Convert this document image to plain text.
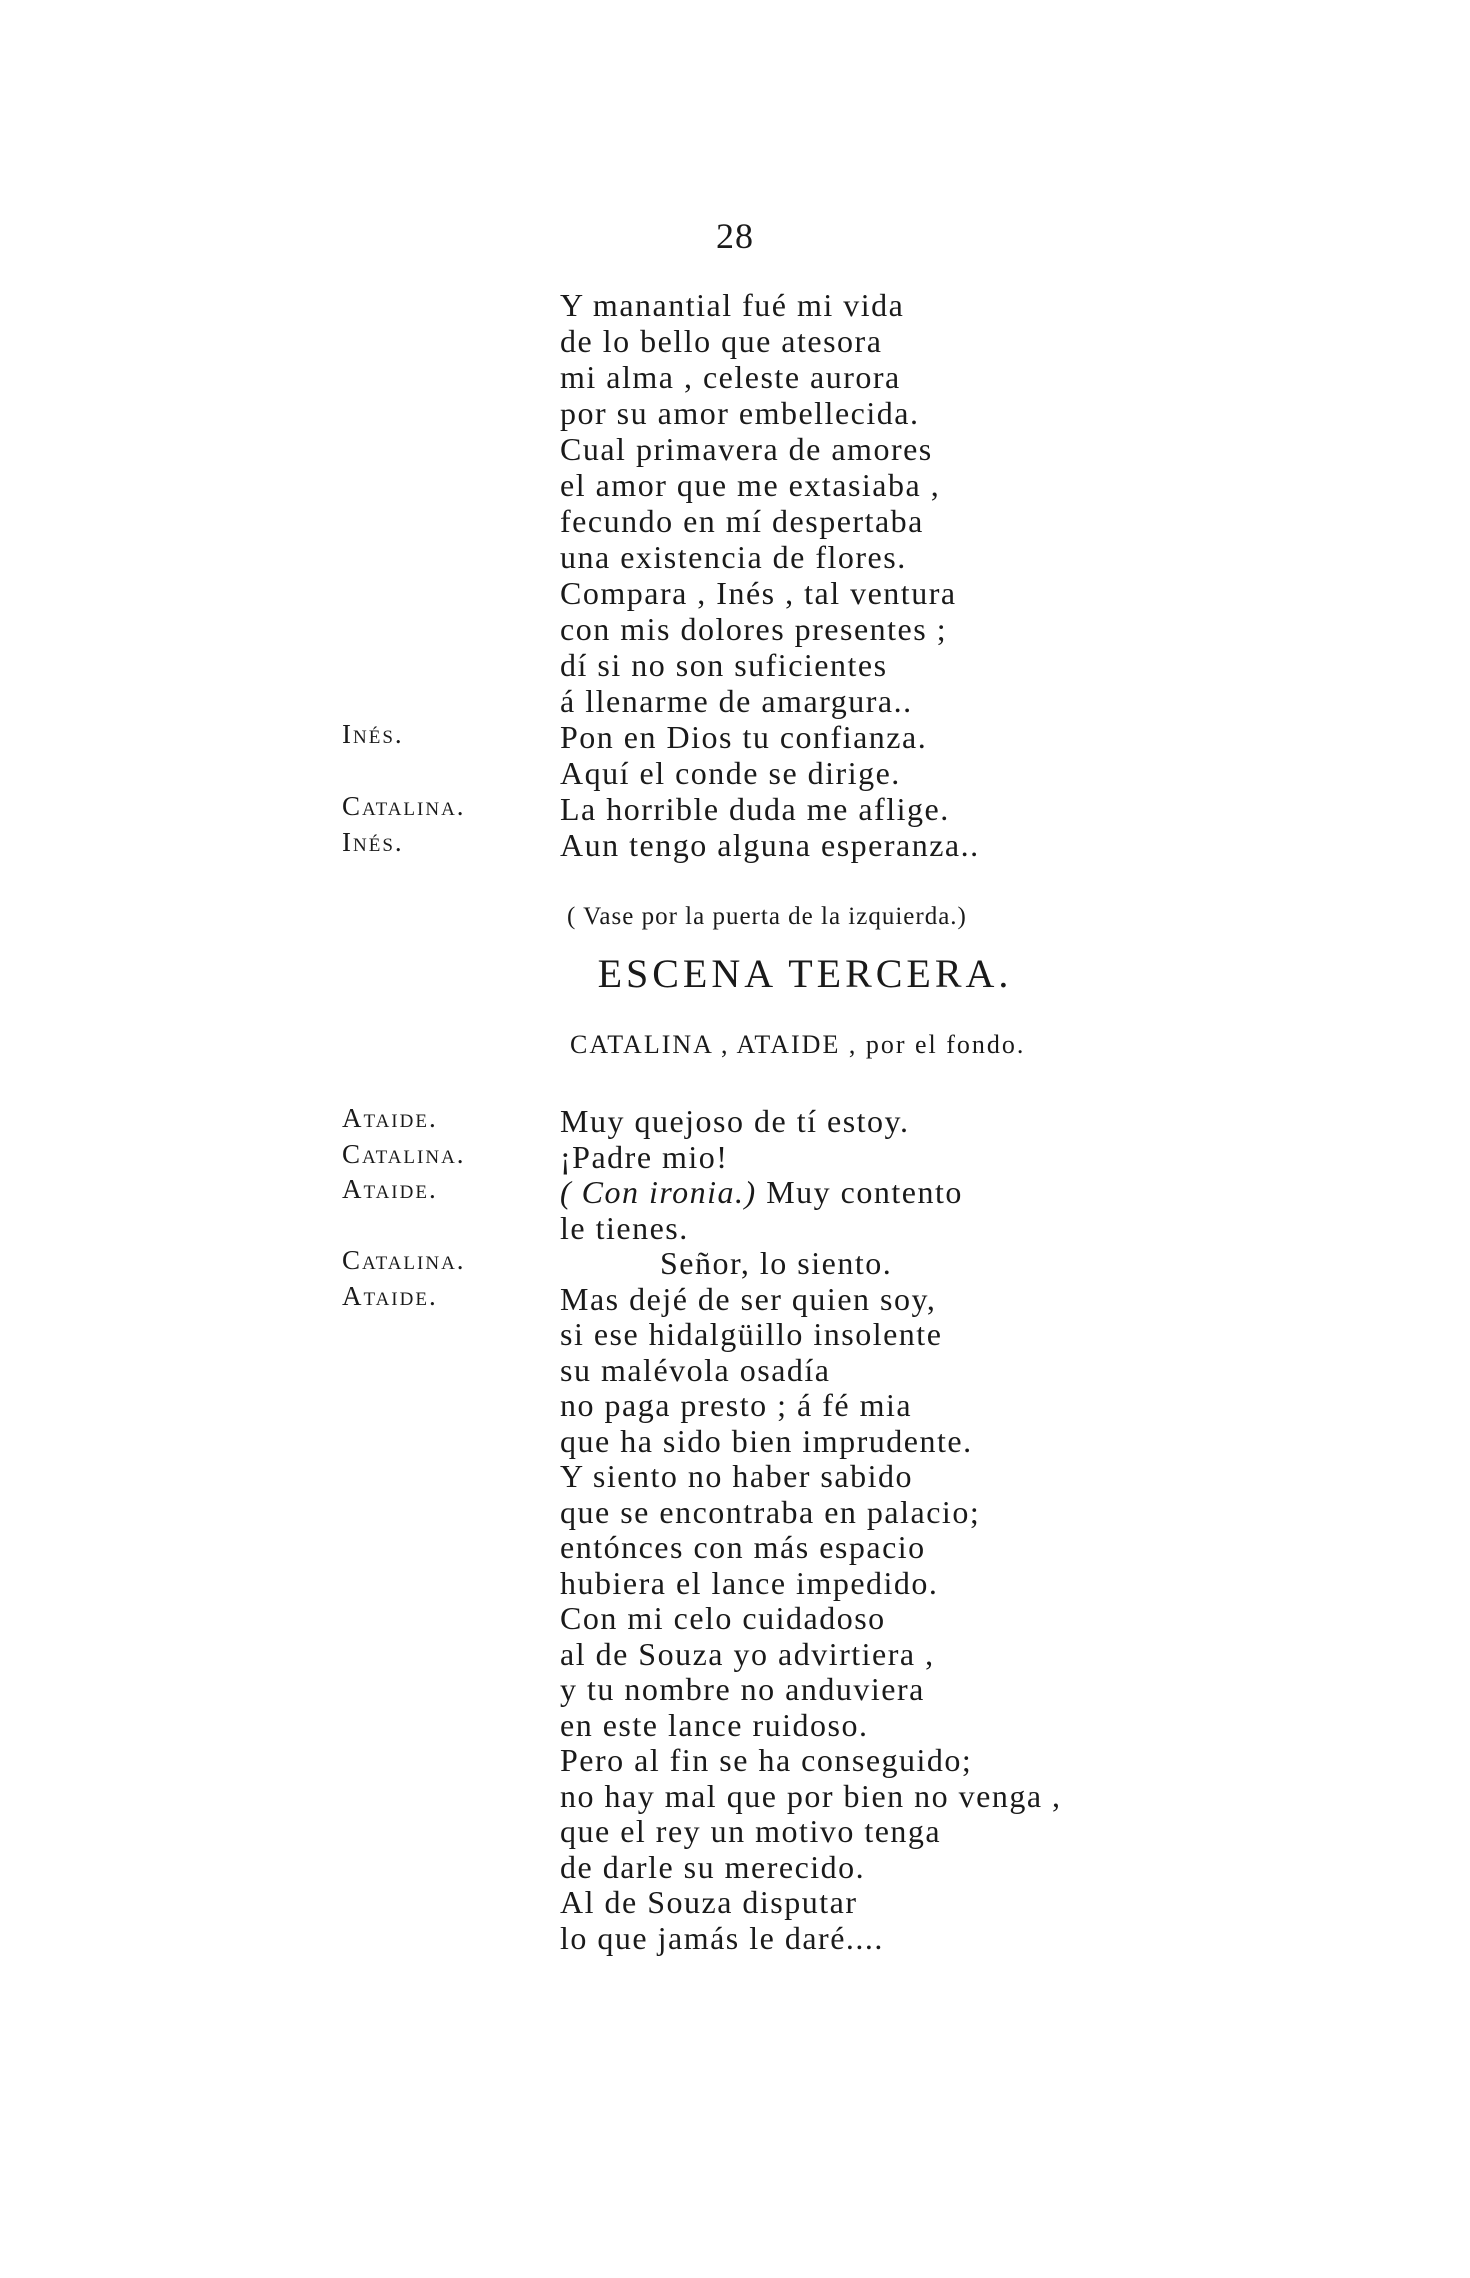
28
Y manantial fué mi vida
de lo bello que atesora
mi alma , celeste aurora
por su amor embellecida.
Cual primavera de amores
el amor que me extasiaba ,
fecundo en mí despertaba
una existencia de flores.
Compara , Inés , tal ventura
con mis dolores presentes ;
dí si no son suficientes
á llenarme de amargura..
Inés.	Pon en Dios tu confianza.
Aquí el conde se dirige.
Catalina.	La horrible duda me aflige.
Inés.	Aun tengo alguna esperanza..
( Vase por la puerta de la izquierda.)
ESCENA TERCERA.
CATALINA , ATAIDE , por el fondo.
Ataide.	Muy quejoso de tí estoy.
Catalina.	¡Padre mio!
Ataide.	( Con ironia.) Muy contento
le tienes.
Catalina.	Señor, lo siento.
Ataide.	Mas dejé de ser quien soy,
si ese hidalgüillo insolente
su malévola osadía
no paga presto ; á fé mia
que ha sido bien imprudente.
Y siento no haber sabido
que se encontraba en palacio;
entónces con más espacio
hubiera el lance impedido.
Con mi celo cuidadoso
al de Souza yo advirtiera ,
y tu nombre no anduviera
en este lance ruidoso.
Pero al fin se ha conseguido;
no hay mal que por bien no venga ,
que el rey un motivo tenga
de darle su merecido.
Al de Souza disputar
lo que jamás le daré....
